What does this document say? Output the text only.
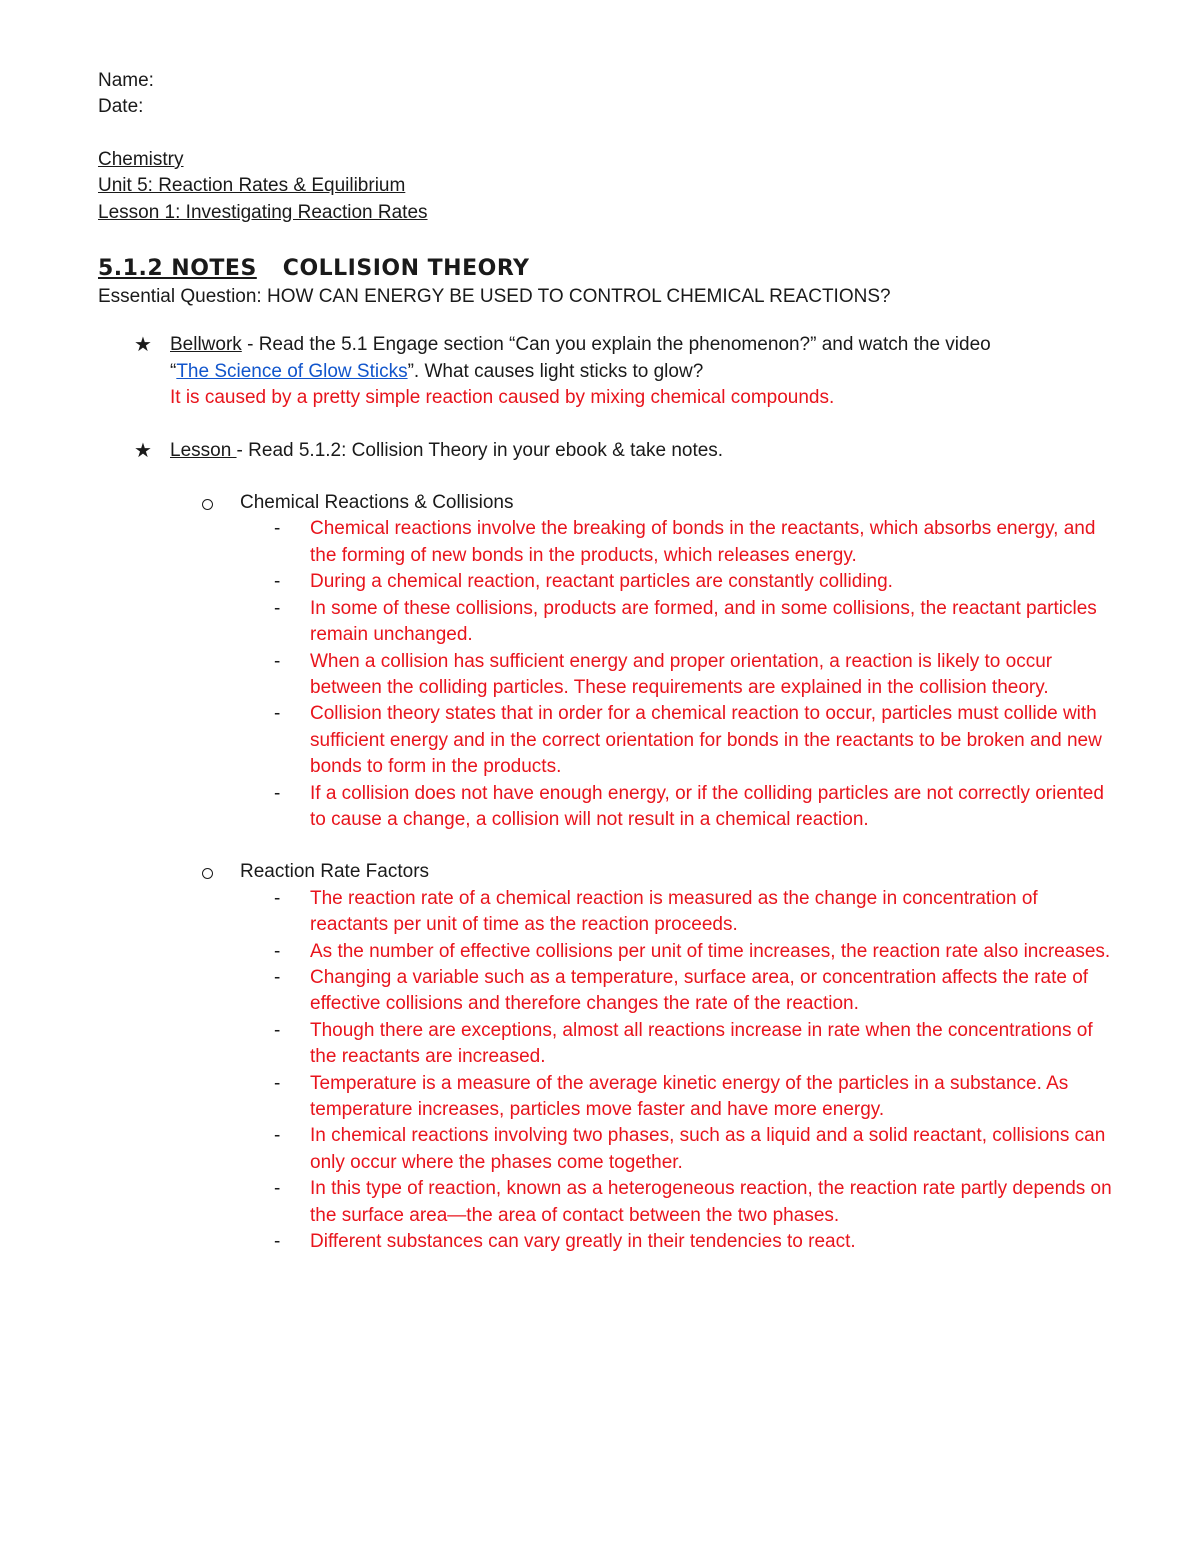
Name:
Date:
Chemistry
Unit 5: Reaction Rates & Equilibrium
Lesson 1: Investigating Reaction Rates
5.1.2 NOTES COLLISION THEORY
Essential Question: HOW CAN ENERGY BE USED TO CONTROL CHEMICAL REACTIONS?
★ Bellwork - Read the 5.1 Engage section “Can you explain the phenomenon?” and watch the video
“The Science of Glow Sticks”. What causes light sticks to glow?
It is caused by a pretty simple reaction caused by mixing chemical compounds.
★ Lesson - Read 5.1.2: Collision Theory in your ebook & take notes.
Chemical Reactions & Collisions
- Chemical reactions involve the breaking of bonds in the reactants, which absorbs energy, and the forming of new bonds in the products, which releases energy.
- During a chemical reaction, reactant particles are constantly colliding.
- In some of these collisions, products are formed, and in some collisions, the reactant particles remain unchanged.
- When a collision has sufficient energy and proper orientation, a reaction is likely to occur between the colliding particles. These requirements are explained in the collision theory.
- Collision theory states that in order for a chemical reaction to occur, particles must collide with sufficient energy and in the correct orientation for bonds in the reactants to be broken and new bonds to form in the products.
- If a collision does not have enough energy, or if the colliding particles are not correctly oriented to cause a change, a collision will not result in a chemical reaction.
Reaction Rate Factors
- The reaction rate of a chemical reaction is measured as the change in concentration of reactants per unit of time as the reaction proceeds.
- As the number of effective collisions per unit of time increases, the reaction rate also increases.
- Changing a variable such as a temperature, surface area, or concentration affects the rate of effective collisions and therefore changes the rate of the reaction.
- Though there are exceptions, almost all reactions increase in rate when the concentrations of the reactants are increased.
- Temperature is a measure of the average kinetic energy of the particles in a substance. As temperature increases, particles move faster and have more energy.
- In chemical reactions involving two phases, such as a liquid and a solid reactant, collisions can only occur where the phases come together.
- In this type of reaction, known as a heterogeneous reaction, the reaction rate partly depends on the surface area—the area of contact between the two phases.
- Different substances can vary greatly in their tendencies to react.
